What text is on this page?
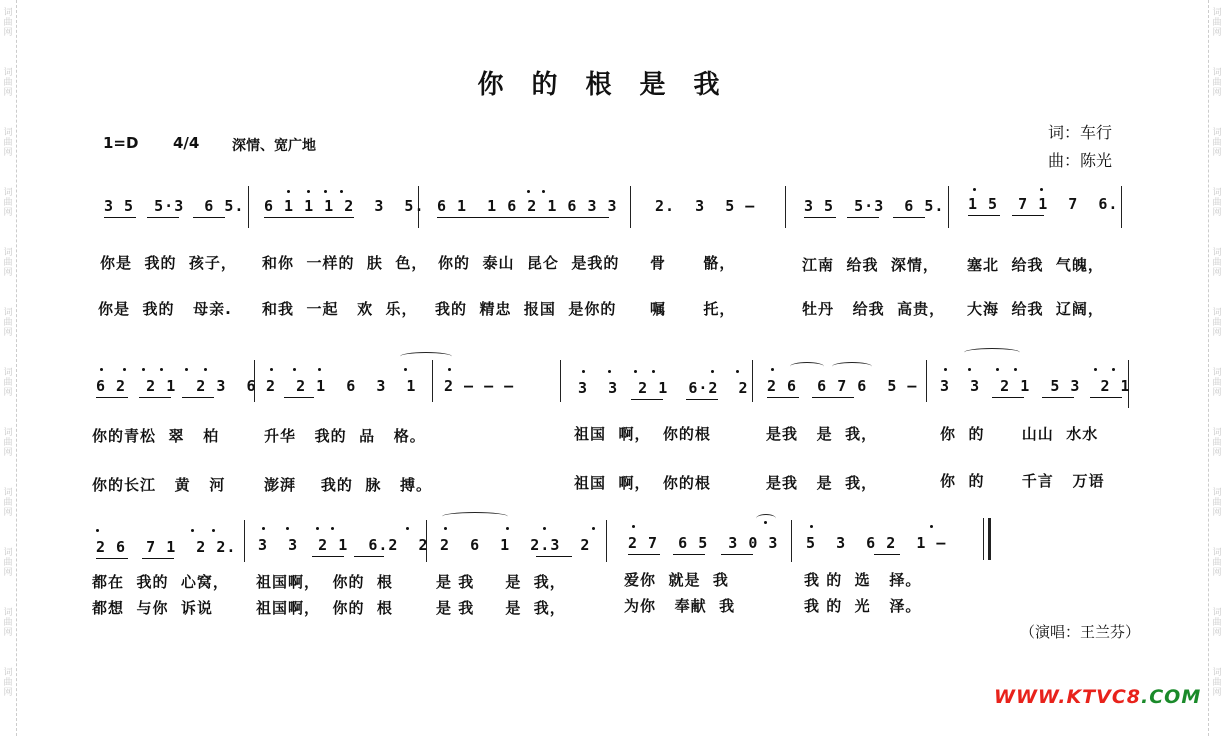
词
曲
网
词
曲
网
词
曲
网
词
曲
网
词
曲
网
词
曲
网
词
曲
网
词
曲
网
词
曲
网
词
曲
网
词
曲
网
词
曲
网
词
曲
网
词
曲
网
词
曲
网
词
曲
网
词
曲
网
词
曲
网
词
曲
网
词
曲
网
词
曲
网
词
曲
网
词
曲
网
词
曲
网
你的根是我
1=D 4/4 深情、宽广地
词：车行
曲：陈光
3 5  5·3  6 5. 6 1 1 1 2  3  5. 6 1  1 6 2 1 6 3 3 2.  3  5 —	3 5  5·3  6 5. 1 5  7 1  7  6.
你是  我的  孩子， 和你  一样的  肤  色， 你的  泰山  昆仑  是我的 骨      骼，	江南  给我  深情， 塞北  给我  气魄，
你是  我的   母亲. 和我  一起   欢  乐， 我的  精忠  报国  是你的 嘱      托，	牡丹   给我  高贵， 大海  给我  辽阔，
6 2  2 1  2 3  6 2  2 1  6  3  1 2 — — —	3  3  2 1  6·2  2 2 6  6 7 6  5 — 3  3  2 1  5 3  2 1
你的青松  翠   柏	升华   我的  品   格。	祖国  啊，  你的根	是我   是  我，	你  的      山山  水水
你的长江   黄   河	澎湃    我的  脉   搏。	祖国  啊，  你的根	是我   是  我，	你  的      千言   万语
2 6  7 1  2 2. 3  3  2 1  6.2  2 2  6  1  2.3  2	2 7  6 5  3 0 3 5  3  6 2  1 —
都在  我的  心窝， 祖国啊，  你的  根	是 我     是  我，	爱你  就是  我	我 的  选   择。
都想  与你  诉说	祖国啊，  你的  根	是 我     是  我，	为你   奉献  我	我 的  光   泽。
（演唱：王兰芬）
WWW.KTVC8.COM
